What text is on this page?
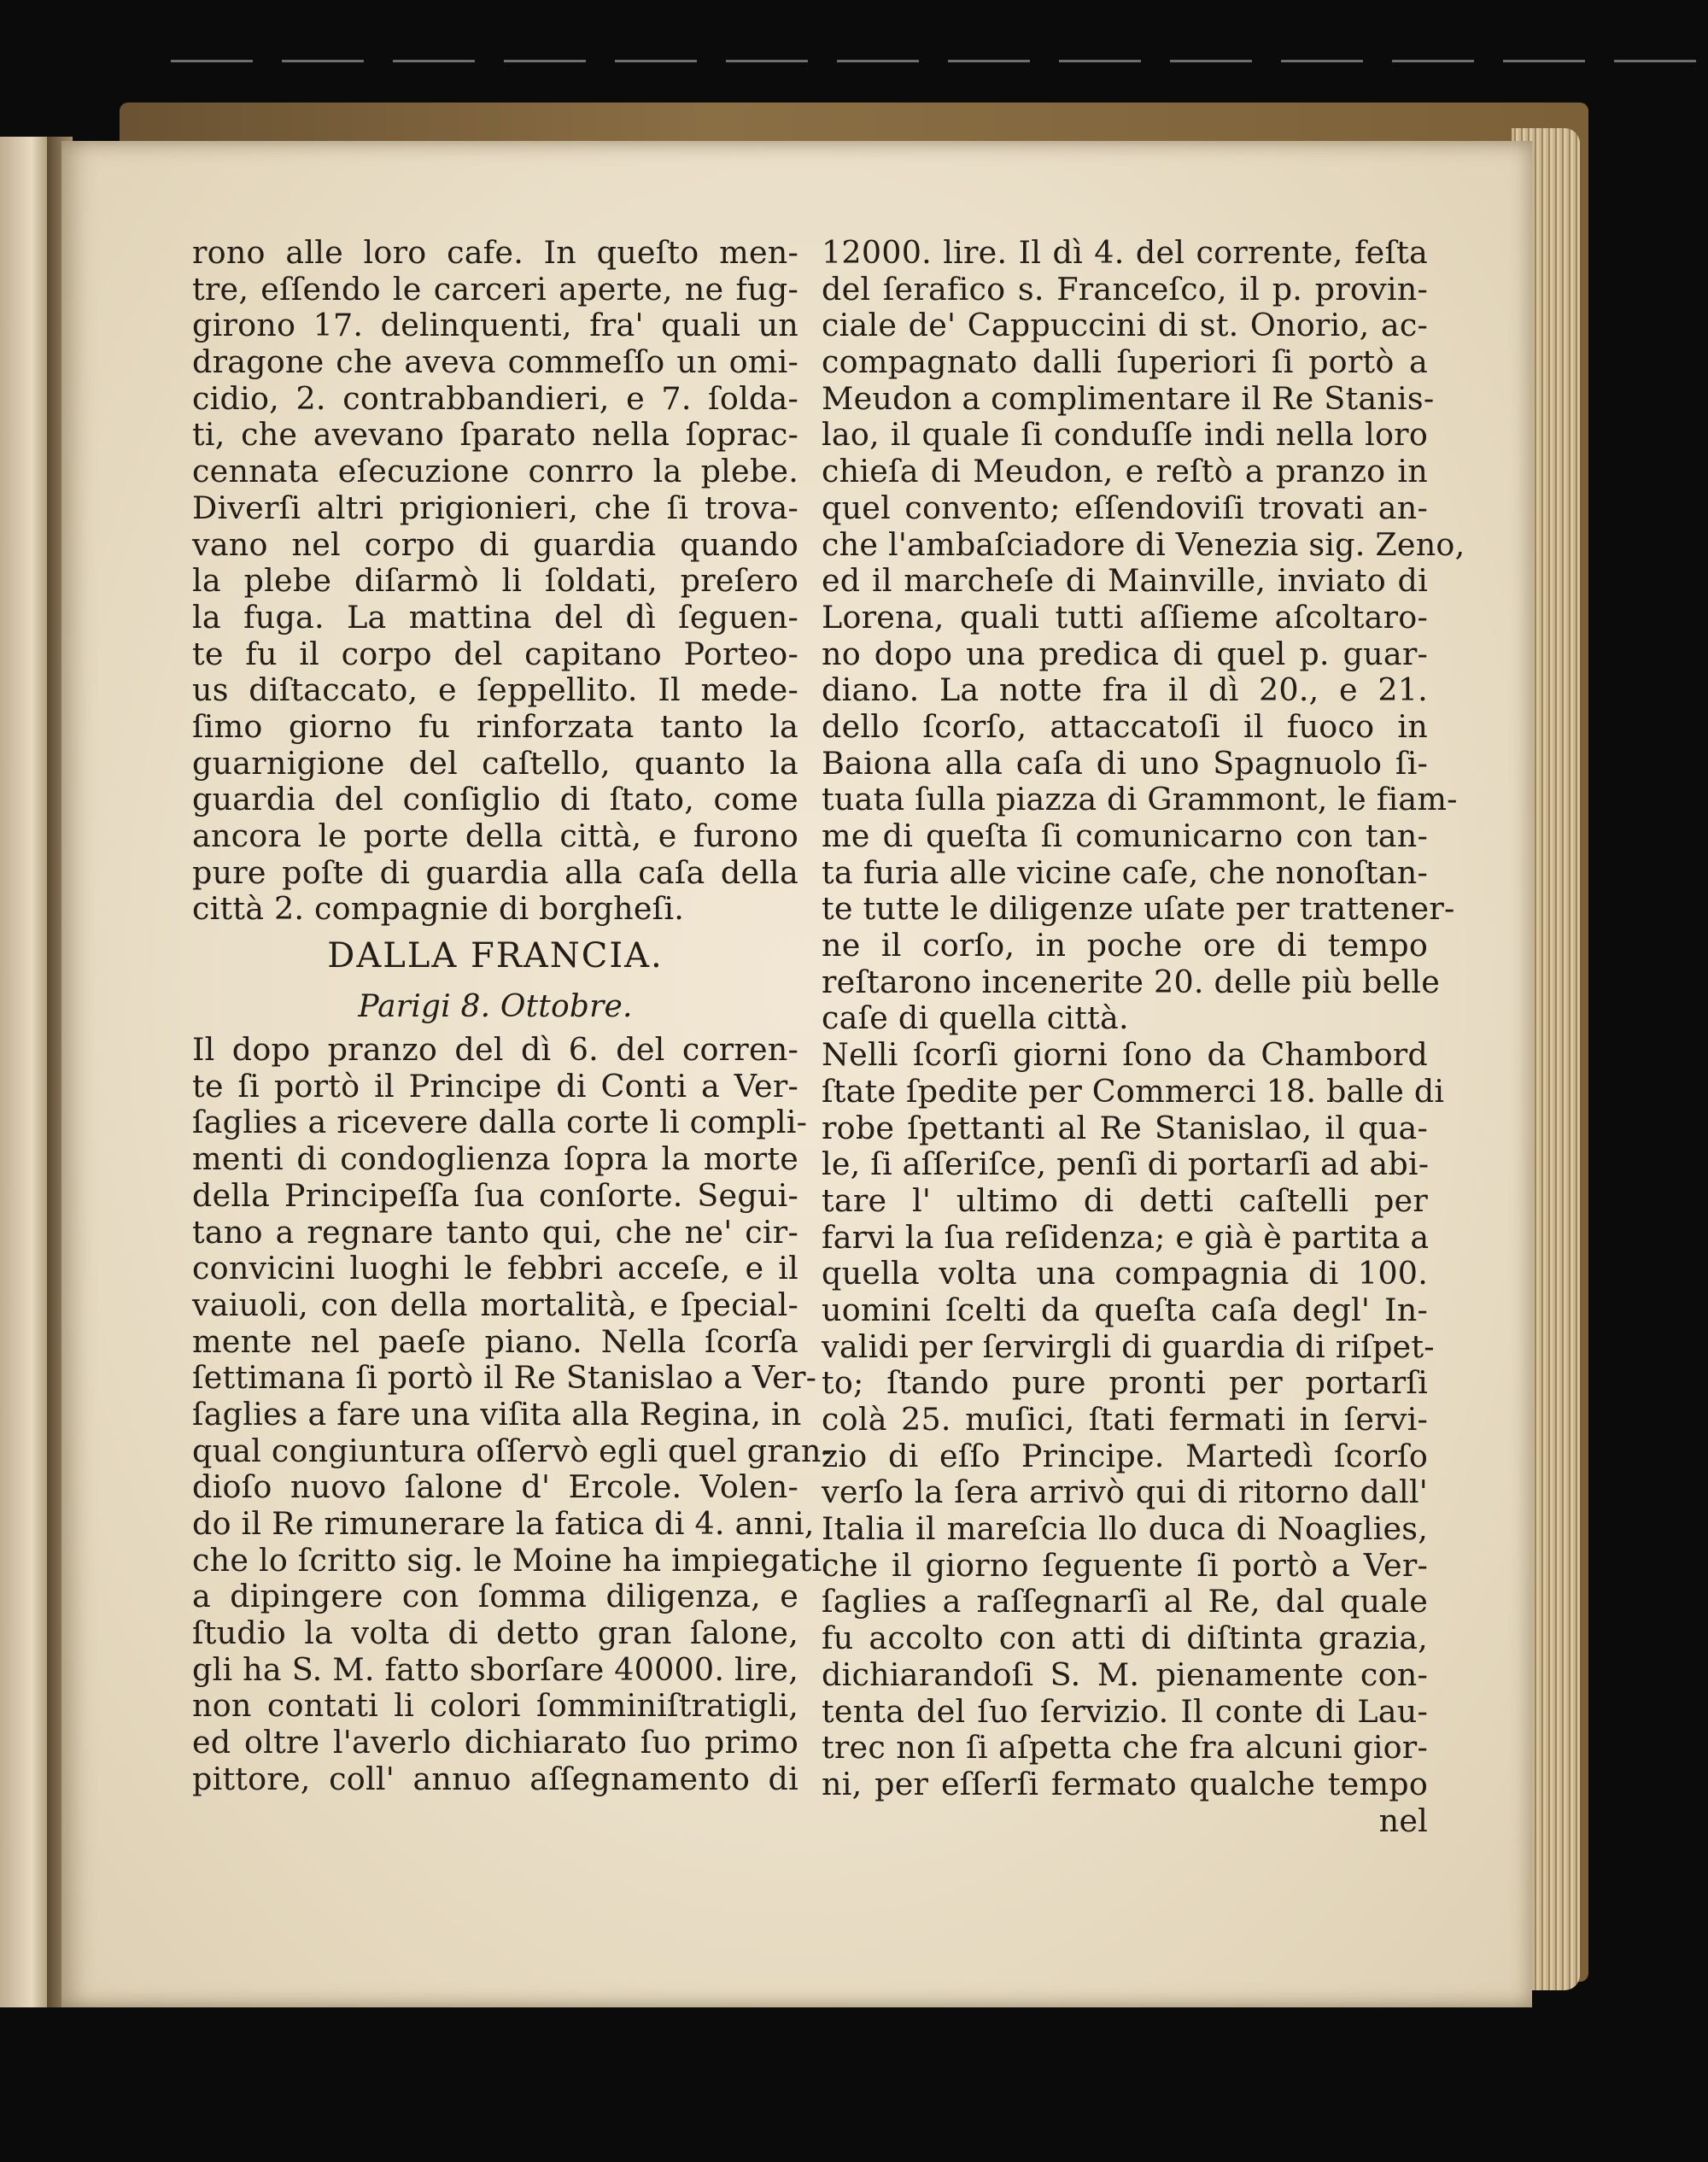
rono alle loro cafe. In queſto men-
tre, eſſendo le carceri aperte, ne fug-
girono 17. delinquenti, fra' quali un
dragone che aveva commeſſo un omi-
cidio, 2. contrabbandieri, e 7. ſolda-
ti, che avevano ſparato nella ſoprac-
cennata eſecuzione conrro la plebe.
Diverſi altri prigionieri, che ſi trova-
vano nel corpo di guardia quando
la plebe diſarmò li ſoldati, preſero
la fuga. La mattina del dì ſeguen-
te fu il corpo del capitano Porteo-
us diſtaccato, e ſeppellito. Il mede-
ſimo giorno fu rinforzata tanto la
guarnigione del caſtello, quanto la
guardia del conſiglio di ſtato, come
ancora le porte della città, e furono
pure poſte di guardia alla caſa della
città 2. compagnie di borgheſi.
DALLA FRANCIA.
Parigi 8. Ottobre.
Il dopo pranzo del dì 6. del corren-
te ſi portò il Principe di Conti a Ver-
ſaglies a ricevere dalla corte li compli-
menti di condoglienza ſopra la morte
della Principeſſa ſua conſorte. Segui-
tano a regnare tanto qui, che ne' cir-
convicini luoghi le febbri acceſe, e il
vaiuoli, con della mortalità, e ſpecial-
mente nel paeſe piano. Nella ſcorſa
ſettimana ſi portò il Re Stanislao a Ver-
ſaglies a fare una viſita alla Regina, in
qual congiuntura oſſervò egli quel gran-
dioſo nuovo ſalone d' Ercole. Volen-
do il Re rimunerare la fatica di 4. anni,
che lo ſcritto sig. le Moine ha impiegati
a dipingere con ſomma diligenza, e
ſtudio la volta di detto gran ſalone,
gli ha S. M. fatto sborſare 40000. lire,
non contati li colori ſomminiſtratigli,
ed oltre l'averlo dichiarato ſuo primo
pittore, coll' annuo aſſegnamento di
12000. lire. Il dì 4. del corrente, feſta
del ſerafico s. Franceſco, il p. provin-
ciale de' Cappuccini di st. Onorio, ac-
compagnato dalli ſuperiori ſi portò a
Meudon a complimentare il Re Stanis-
lao, il quale ſi conduſſe indi nella loro
chieſa di Meudon, e reſtò a pranzo in
quel convento; eſſendoviſi trovati an-
che l'ambaſciadore di Venezia sig. Zeno,
ed il marcheſe di Mainville, inviato di
Lorena, quali tutti aſſieme aſcoltaro-
no dopo una predica di quel p. guar-
diano. La notte fra il dì 20., e 21.
dello ſcorſo, attaccatoſi il fuoco in
Baiona alla caſa di uno Spagnuolo ſi-
tuata ſulla piazza di Grammont, le fiam-
me di queſta ſi comunicarno con tan-
ta furia alle vicine caſe, che nonoſtan-
te tutte le diligenze uſate per trattener-
ne il corſo, in poche ore di tempo
reſtarono incenerite 20. delle più belle
caſe di quella città.
Nelli ſcorſi giorni ſono da Chambord
ſtate ſpedite per Commerci 18. balle di
robe ſpettanti al Re Stanislao, il qua-
le, ſi aſſeriſce, penſi di portarſi ad abi-
tare l' ultimo di detti caſtelli per
farvi la ſua reſidenza; e già è partita a
quella volta una compagnia di 100.
uomini ſcelti da queſta caſa degl' In-
validi per ſervirgli di guardia di riſpet-
to; ſtando pure pronti per portarſi
colà 25. muſici, ſtati fermati in ſervi-
zio di eſſo Principe. Martedì ſcorſo
verſo la ſera arrivò qui di ritorno dall'
Italia il mareſcia llo duca di Noaglies,
che il giorno ſeguente ſi portò a Ver-
ſaglies a raſſegnarſi al Re, dal quale
fu accolto con atti di diſtinta grazia,
dichiarandoſi S. M. pienamente con-
tenta del ſuo ſervizio. Il conte di Lau-
trec non ſi aſpetta che fra alcuni gior-
ni, per eſſerſi fermato qualche tempo
nel
